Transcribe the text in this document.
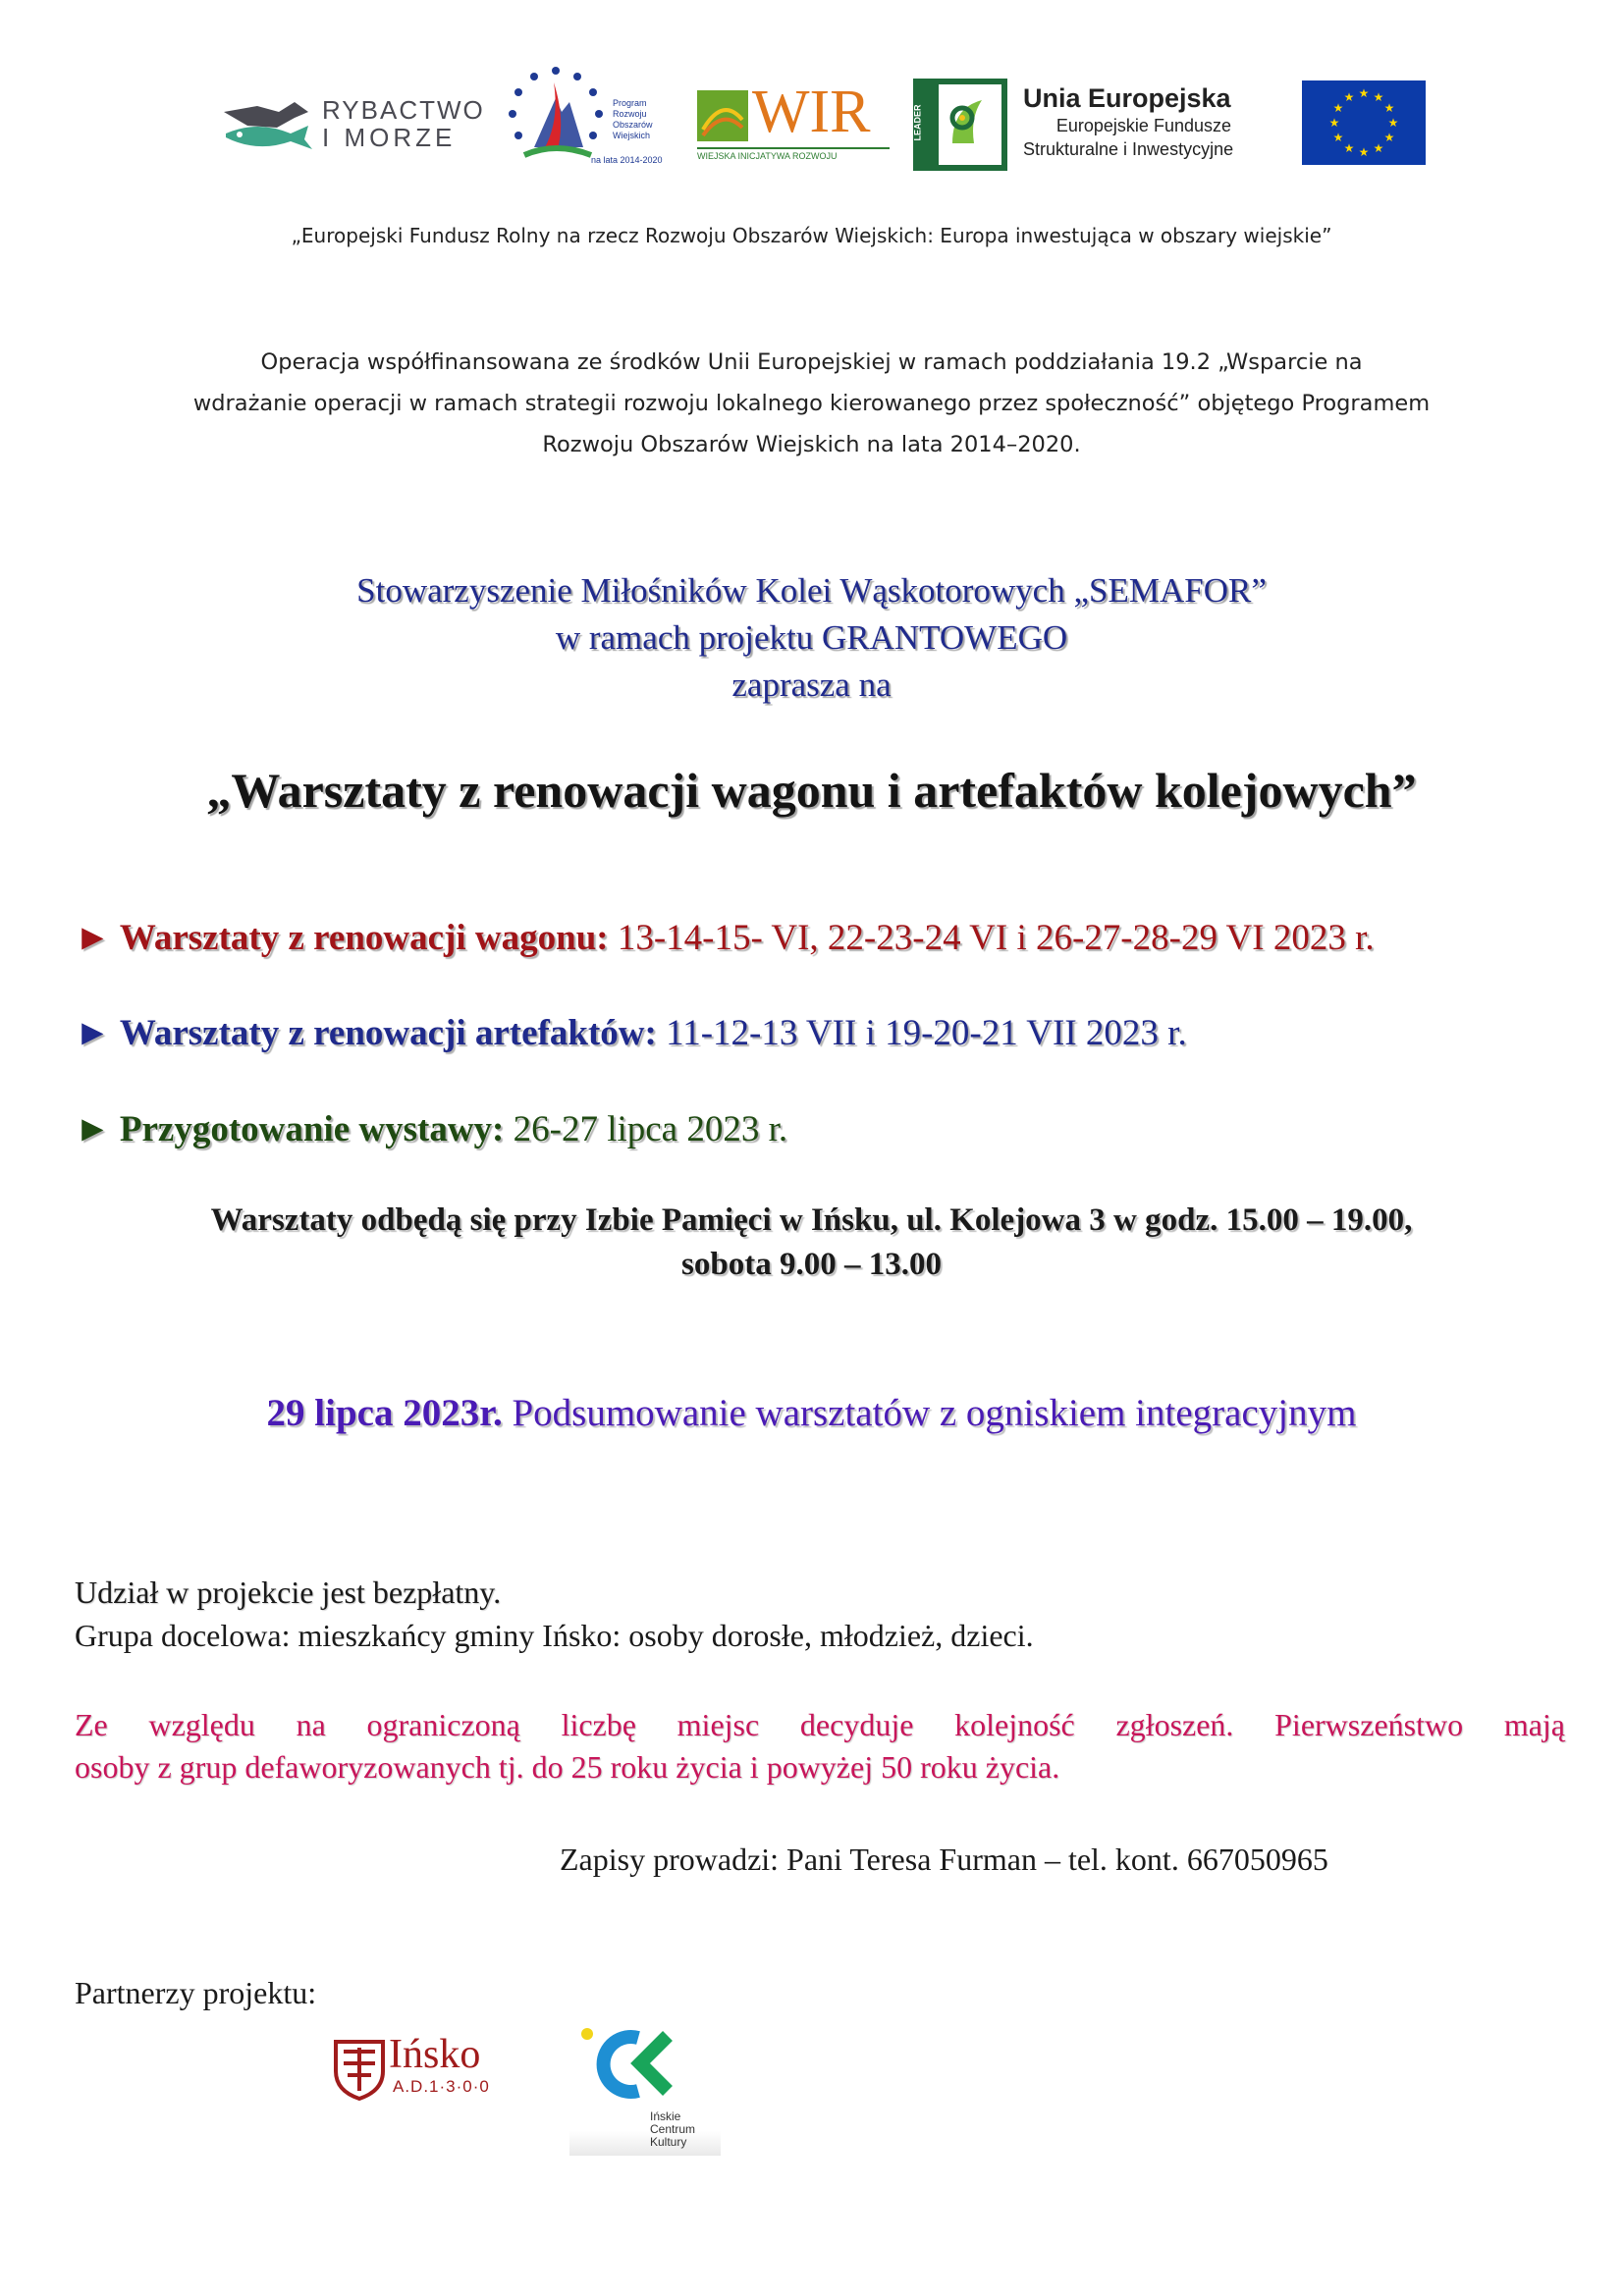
RYBACTWO
I MORZE
Program
Rozwoju
Obszarów
Wiejskich
na lata 2014-2020
WIR
WIEJSKA INICJATYWA ROZWOJU
LEADER
Unia Europejska
Europejskie Fundusze
Strukturalne i Inwestycyjne
★ ★
★
★
★
★
★
★
★
★
★
★
„Europejski Fundusz Rolny na rzecz Rozwoju Obszarów Wiejskich: Europa inwestująca w obszary wiejskie”
Operacja współfinansowana ze środków Unii Europejskiej w ramach poddziałania 19.2 „Wsparcie na
wdrażanie operacji w ramach strategii rozwoju lokalnego kierowanego przez społeczność” objętego Programem
Rozwoju Obszarów Wiejskich na lata 2014–2020.
Stowarzyszenie Miłośników Kolei Wąskotorowych „SEMAFOR”
w ramach projektu GRANTOWEGO
zaprasza na
„Warsztaty z renowacji wagonu i artefaktów kolejowych”
► Warsztaty z renowacji wagonu: 13-14-15- VI, 22-23-24 VI i 26-27-28-29 VI 2023 r.
► Warsztaty z renowacji artefaktów: 11-12-13 VII i 19-20-21 VII 2023 r.
► Przygotowanie wystawy: 26-27 lipca 2023 r.
Warsztaty odbędą się przy Izbie Pamięci w Ińsku, ul. Kolejowa 3 w godz. 15.00 – 19.00,
sobota 9.00 – 13.00
29 lipca 2023r. Podsumowanie warsztatów z ogniskiem integracyjnym
Udział w projekcie jest bezpłatny.
Grupa docelowa: mieszkańcy gminy Ińsko: osoby dorosłe, młodzież, dzieci.
Ze względu na ograniczoną liczbę miejsc decyduje kolejność zgłoszeń. Pierwszeństwo mają
osoby z grup defaworyzowanych tj. do 25 roku życia i powyżej 50 roku życia.
Zapisy prowadzi: Pani Teresa Furman – tel. kont. 667050965
Partnerzy projektu:
Ińsko
A.D.1·3·0·0
Ińskie
Centrum
Kultury
